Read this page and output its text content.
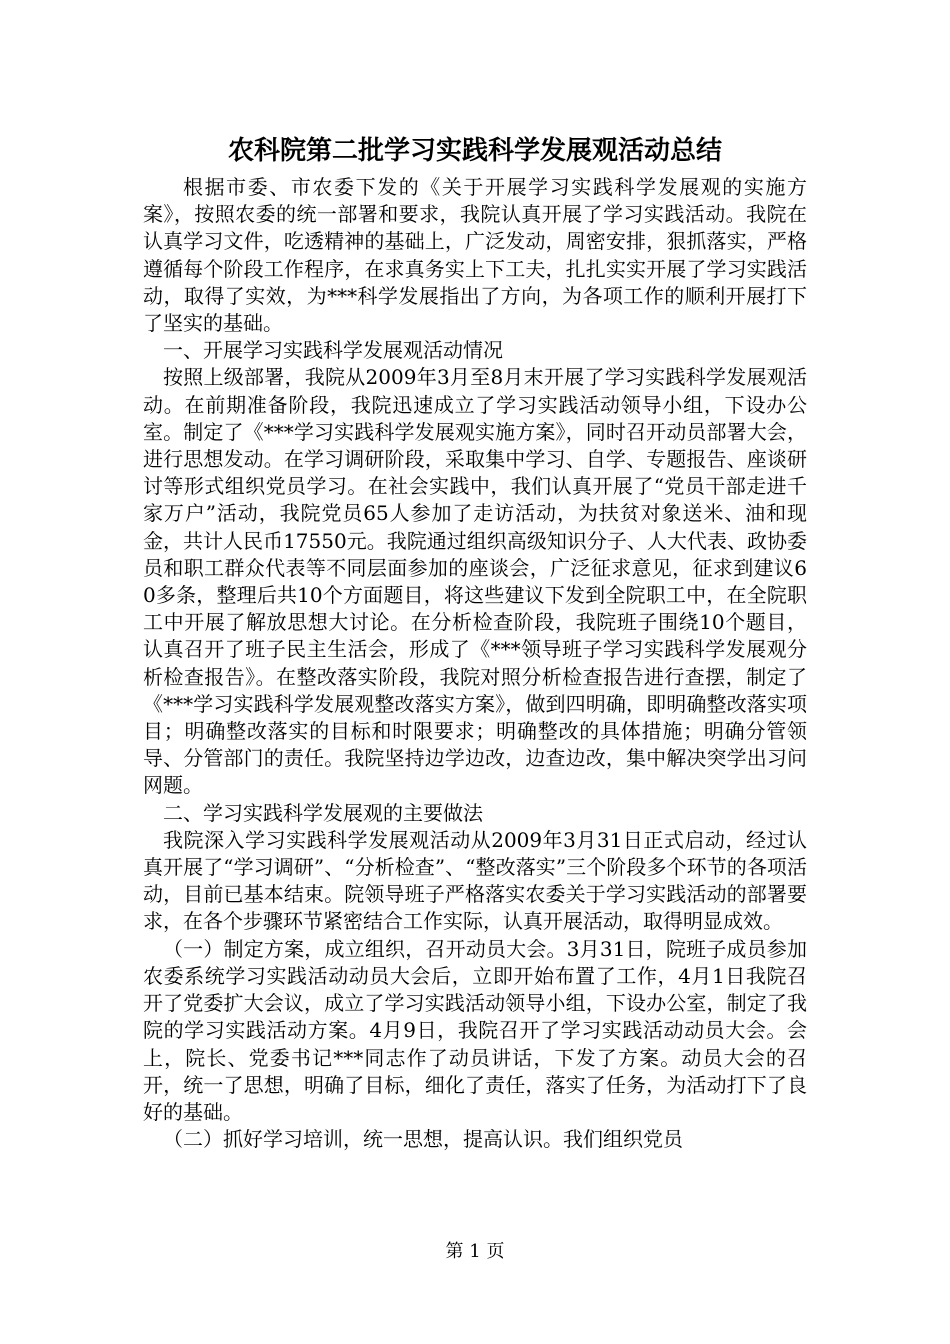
农科院第二批学习实践科学发展观活动总结

根据市委、市农委下发的《关于开展学习实践科学发展观的实施方案》，按照农委的统一部署和要求，我院认真开展了学习实践活动。我院在认真学习文件，吃透精神的基础上，广泛发动，周密安排，狠抓落实，严格遵循每个阶段工作程序，在求真务实上下工夫，扎扎实实开展了学习实践活动，取得了实效，为***科学发展指出了方向，为各项工作的顺利开展打下了坚实的基础。

一、开展学习实践科学发展观活动情况

按照上级部署，我院从2009年3月至8月末开展了学习实践科学发展观活动。在前期准备阶段，我院迅速成立了学习实践活动领导小组，下设办公室。制定了《***学习实践科学发展观实施方案》，同时召开动员部署大会，进行思想发动。在学习调研阶段，采取集中学习、自学、专题报告、座谈研讨等形式组织党员学习。在社会实践中，我们认真开展了“党员干部走进千家万户”活动，我院党员65人参加了走访活动，为扶贫对象送米、油和现金，共计人民币17550元。我院通过组织高级知识分子、人大代表、政协委员和职工群众代表等不同层面参加的座谈会，广泛征求意见，征求到建议60多条，整理后共10个方面题目，将这些建议下发到全院职工中，在全院职工中开展了解放思想大讨论。在分析检查阶段，我院班子围绕10个题目，认真召开了班子民主生活会，形成了《***领导班子学习实践科学发展观分析检查报告》。在整改落实阶段，我院对照分析检查报告进行查摆，制定了《***学习实践科学发展观整改落实方案》，做到四明确，即明确整改落实项目；明确整改落实的目标和时限要求；明确整改的具体措施；明确分管领导、分管部门的责任。我院坚持边学边改，边查边改，集中解决突学出习问网题。

二、学习实践科学发展观的主要做法

我院深入学习实践科学发展观活动从2009年3月31日正式启动，经过认真开展了“学习调研”、“分析检查”、“整改落实”三个阶段多个环节的各项活动，目前已基本结束。院领导班子严格落实农委关于学习实践活动的部署要求，在各个步骤环节紧密结合工作实际，认真开展活动，取得明显成效。

（一）制定方案，成立组织，召开动员大会。3月31日，院班子成员参加农委系统学习实践活动动员大会后，立即开始布置了工作，4月1日我院召开了党委扩大会议，成立了学习实践活动领导小组，下设办公室，制定了我院的学习实践活动方案。4月9日，我院召开了学习实践活动动员大会。会上，院长、党委书记***同志作了动员讲话，下发了方案。动员大会的召开，统一了思想，明确了目标，细化了责任，落实了任务，为活动打下了良好的基础。

（二）抓好学习培训，统一思想，提高认识。我们组织党员

第 1 页
